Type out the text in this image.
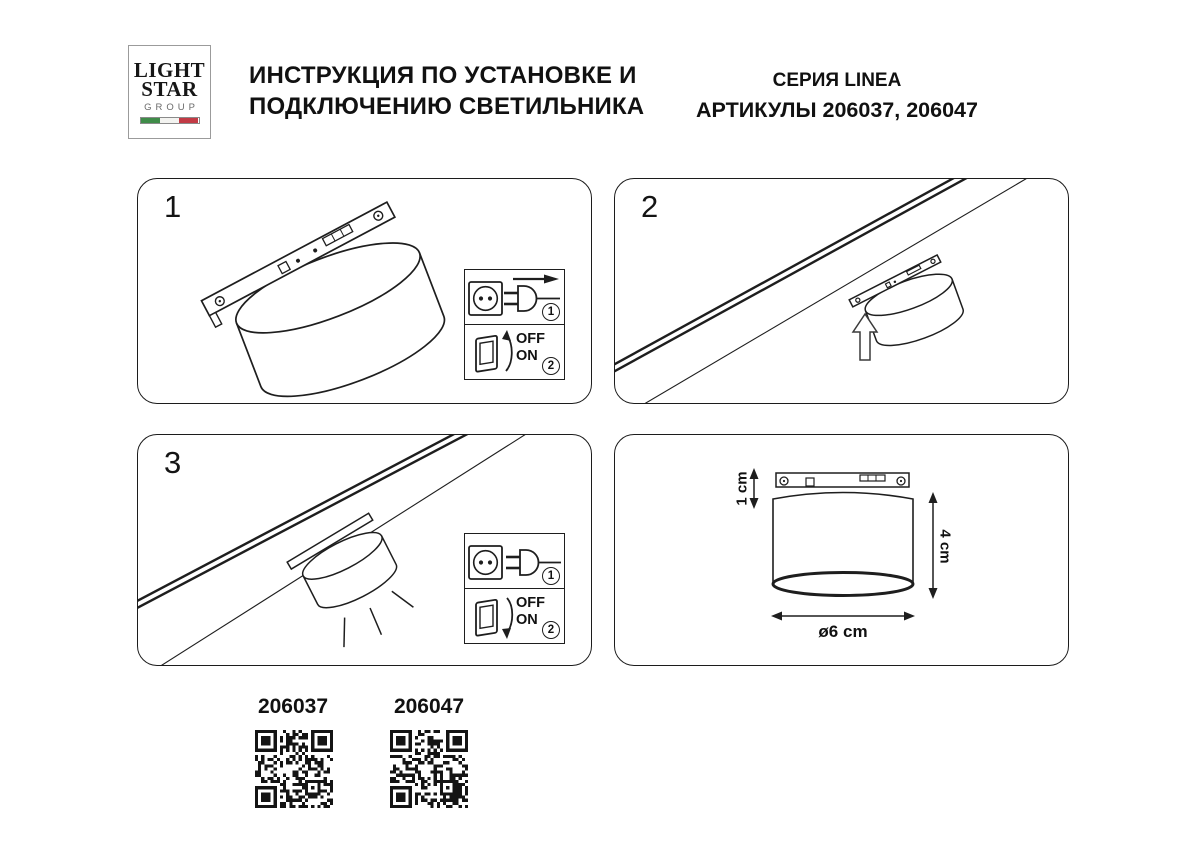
LIGHT
STAR
GROUP
ИНСТРУКЦИЯ ПО УСТАНОВКЕ И
ПОДКЛЮЧЕНИЮ СВЕТИЛЬНИКА
СЕРИЯ LINEA
АРТИКУЛЫ 206037, 206047
1
1
OFF
ON
2
2
3
1
OFF
ON
2
1 cm
4 cm
ø6 cm
206037	206047
